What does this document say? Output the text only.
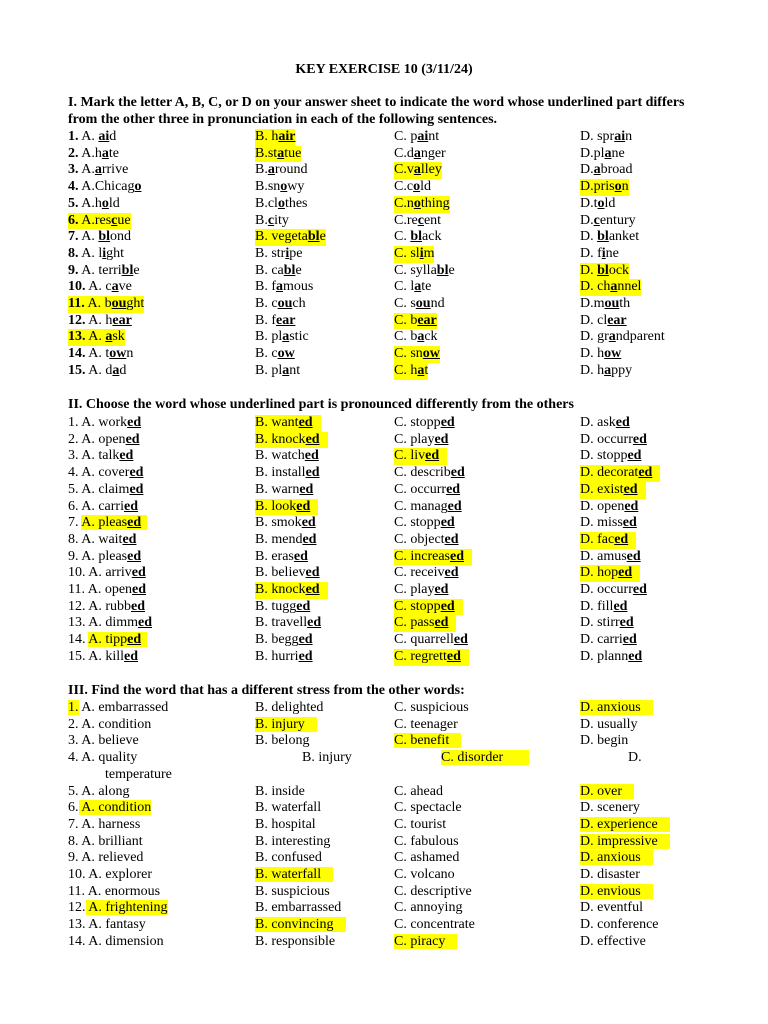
KEY EXERCISE 10 (3/11/24)
I. Mark the letter A, B, C, or D on your answer sheet to indicate the word whose underlined part differs from the other three in pronunciation in each of the following sentences.
1. A. aid	B. hair	C. paint	D. sprain
2. A.hate	B.statue	C.danger	D.plane
3. A.arrive	B.around	C.valley	D.abroad
4. A.Chicago	B.snowy	C.cold	D.prison
5. A.hold	B.clothes	C.nothing	D.told
6. A.rescue	B.city	C.recent	D.century
7. A. blond	B. vegetable	C. black	D. blanket
8. A. light	B. stripe	C. slim	D. fine
9. A. terrible	B. cable	C. syllable	D. block
10. A. cave	B. famous	C. late	D. channel
11. A. bought	B. couch	C. sound	D.mouth
12. A. hear	B. fear	C. bear	D. clear
13. A. ask	B. plastic	C. back	D. grandparent
14. A. town	B. cow	C. snow	D. how
15. A. dad	B. plant	C. hat	D. happy
II. Choose the word whose underlined part is pronounced differently from the others
1. A. worked	B. wanted	C. stopped	D. asked
2. A. opened	B. knocked	C. played	D. occurred
3. A. talked	B. watched	C. lived	D. stopped
4. A. covered	B. installed	C. described	D. decorated
5. A. claimed	B. warned	C. occurred	D. existed
6. A. carried	B. looked	C. managed	D. opened
7. A. pleased	B. smoked	C. stopped	D. missed
8. A. waited	B. mended	C. objected	D. faced
9. A. pleased	B. erased	C. increased	D. amused
10. A. arrived	B. believed	C. received	D. hoped
11. A. opened	B. knocked	C. played	D. occurred
12. A. rubbed	B. tugged	C. stopped	D. filled
13. A. dimmed	B. travelled	C. passed	D. stirred
14. A. tipped	B. begged	C. quarrelled	D. carried
15. A. killed	B. hurried	C. regretted	D. planned
III. Find the word that has a different stress from the other words:
1. A. embarrassed	B. delighted	C. suspicious	D. anxious
2. A. condition	B. injury	C. teenager	D. usually
3. A. believe	B. belong	C. benefit	D. begin
4. A. quality	B. injury	C. disorder	D.
temperature
5. A. along	B. inside	C. ahead	D. over
6. A. condition	B. waterfall	C. spectacle	D. scenery
7. A. harness	B. hospital	C. tourist	D. experience
8. A. brilliant	B. interesting	C. fabulous	D. impressive
9. A. relieved	B. confused	C. ashamed	D. anxious
10. A. explorer	B. waterfall	C. volcano	D. disaster
11. A. enormous	B. suspicious	C. descriptive	D. envious
12. A. frightening	B. embarrassed	C. annoying	D. eventful
13. A. fantasy	B. convincing	C. concentrate	D. conference
14. A. dimension	B. responsible	C. piracy	D. effective
